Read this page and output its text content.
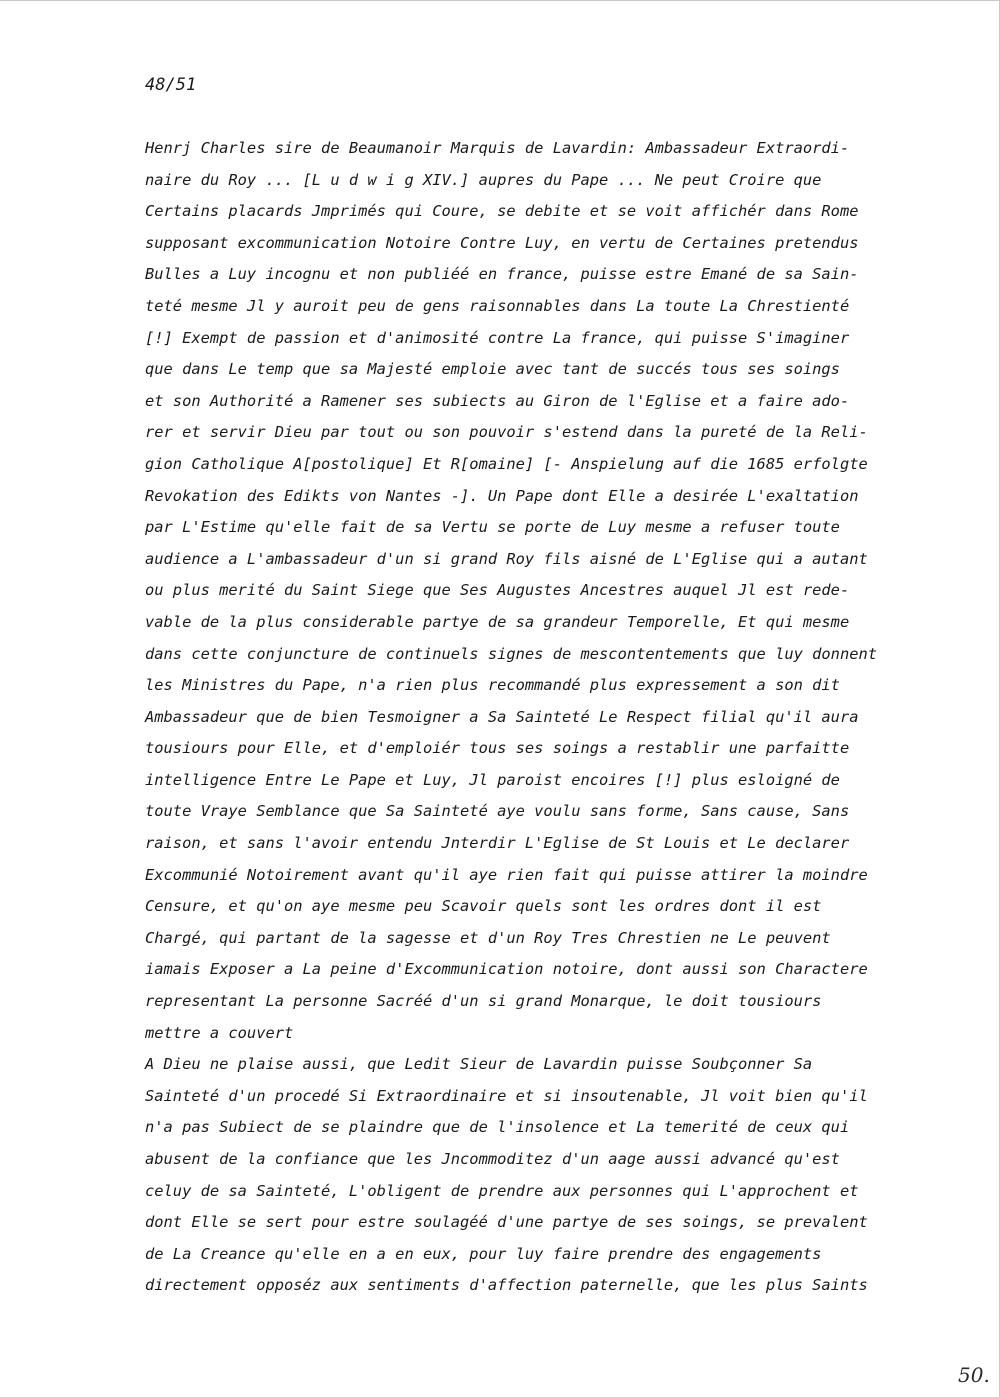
48/51
Henrj Charles sire de Beaumanoir Marquis de Lavardin: Ambassadeur Extraordi-
naire du Roy ... [L u d w i g XIV.] aupres du Pape ... Ne peut Croire que
Certains placards Jmprimés qui Coure, se debite et se voit affichér dans Rome
supposant excommunication Notoire Contre Luy, en vertu de Certaines pretendus
Bulles a Luy incognu et non publiéé en france, puisse estre Emané de sa Sain-
teté mesme Jl y auroit peu de gens raisonnables dans La toute La Chrestienté
[!] Exempt de passion et d'animosité contre La france, qui puisse S'imaginer
que dans Le temp que sa Majesté emploie avec tant de succés tous ses soings
et son Authorité a Ramener ses subiects au Giron de l'Eglise et a faire ado-
rer et servir Dieu par tout ou son pouvoir s'estend dans la pureté de la Reli-
gion Catholique A[postolique] Et R[omaine] [- Anspielung auf die 1685 erfolgte
Revokation des Edikts von Nantes -]. Un Pape dont Elle a desirée L'exaltation
par L'Estime qu'elle fait de sa Vertu se porte de Luy mesme a refuser toute
audience a L'ambassadeur d'un si grand Roy fils aisné de L'Eglise qui a autant
ou plus merité du Saint Siege que Ses Augustes Ancestres auquel Jl est rede-
vable de la plus considerable partye de sa grandeur Temporelle, Et qui mesme
dans cette conjuncture de continuels signes de mescontentements que luy donnent
les Ministres du Pape, n'a rien plus recommandé plus expressement a son dit
Ambassadeur que de bien Tesmoigner a Sa Sainteté Le Respect filial qu'il aura
tousiours pour Elle, et d'emploiér tous ses soings a restablir une parfaitte
intelligence Entre Le Pape et Luy, Jl paroist encoires [!] plus esloigné de
toute Vraye Semblance que Sa Sainteté aye voulu sans forme, Sans cause, Sans
raison, et sans l'avoir entendu Jnterdir L'Eglise de St Louis et Le declarer
Excommunié Notoirement avant qu'il aye rien fait qui puisse attirer la moindre
Censure, et qu'on aye mesme peu Scavoir quels sont les ordres dont il est
Chargé, qui partant de la sagesse et d'un Roy Tres Chrestien ne Le peuvent
iamais Exposer a La peine d'Excommunication notoire, dont aussi son Charactere
representant La personne Sacréé d'un si grand Monarque, le doit tousiours
mettre a couvert
A Dieu ne plaise aussi, que Ledit Sieur de Lavardin puisse Soubçonner Sa
Sainteté d'un procedé Si Extraordinaire et si insoutenable, Jl voit bien qu'il
n'a pas Subiect de se plaindre que de l'insolence et La temerité de ceux qui
abusent de la confiance que les Jncommoditez d'un aage aussi advancé qu'est
celuy de sa Sainteté, L'obligent de prendre aux personnes qui L'approchent et
dont Elle se sert pour estre soulagéé d'une partye de ses soings, se prevalent
de La Creance qu'elle en a en eux, pour luy faire prendre des engagements
directement opposéz aux sentiments d'affection paternelle, que les plus Saints
50.
